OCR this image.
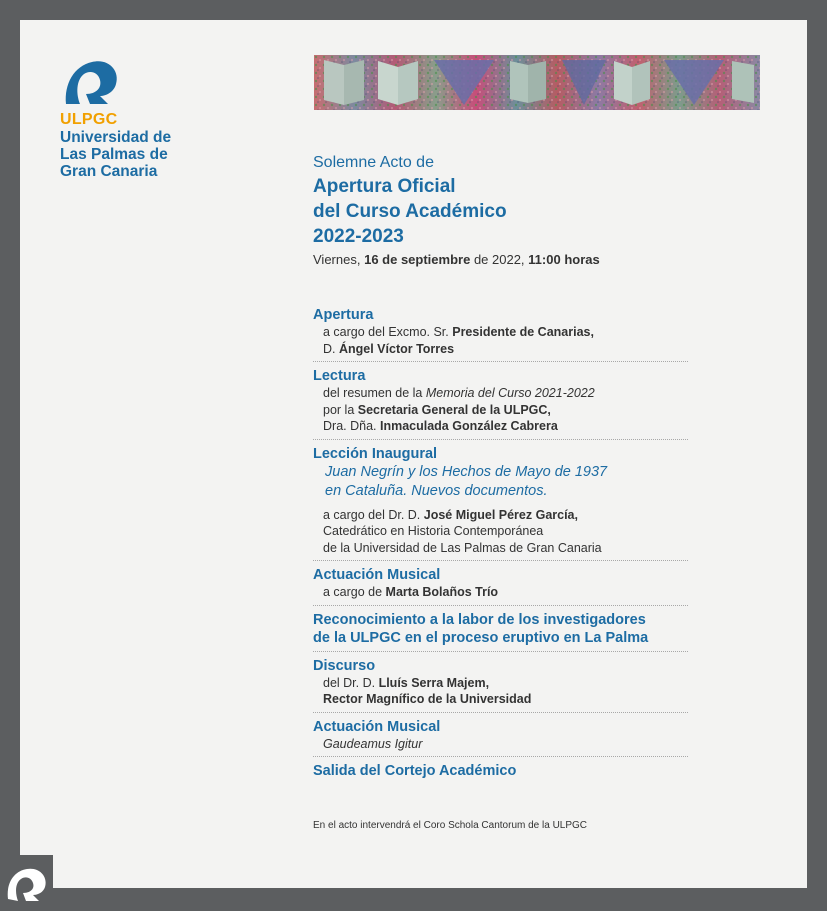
ULPGC
Universidad de
Las Palmas de
Gran Canaria
Solemne Acto de
Apertura Oficial
del Curso Académico
2022-2023
Viernes, 16 de septiembre de 2022, 11:00 horas
Apertura
a cargo del Excmo. Sr. Presidente de Canarias,
D. Ángel Víctor Torres
Lectura
del resumen de la Memoria del Curso 2021-2022
por la Secretaria General de la ULPGC,
Dra. Dña. Inmaculada González Cabrera
Lección Inaugural
Juan Negrín y los Hechos de Mayo de 1937
en Cataluña. Nuevos documentos.
a cargo del Dr. D. José Miguel Pérez García,
Catedrático en Historia Contemporánea
de la Universidad de Las Palmas de Gran Canaria
Actuación Musical
a cargo de Marta Bolaños Trío
Reconocimiento a la labor de los investigadores
de la ULPGC en el proceso eruptivo en La Palma
Discurso
del Dr. D. Lluís Serra Majem,
Rector Magnífico de la Universidad
Actuación Musical
Gaudeamus Igitur
Salida del Cortejo Académico
En el acto intervendrá el Coro Schola Cantorum de la ULPGC
